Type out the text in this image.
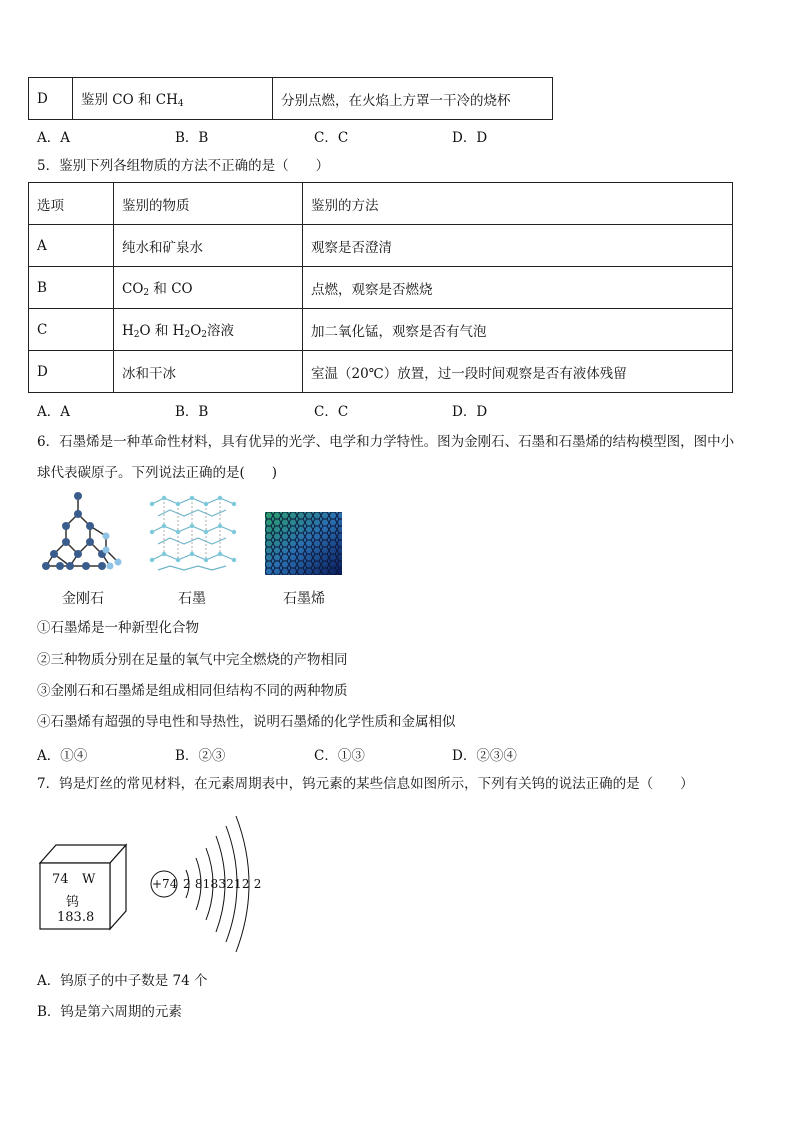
D	鉴别 CO 和 $CH_4$	分别点燃，在火焰上方罩一干冷的烧杯
A．A	B．B	C．C	D．D
5．鉴别下列各组物质的方法不正确的是（　　）
选项	鉴别的物质	鉴别的方法
A	纯水和矿泉水	观察是否澄清
B	$CO_2$ 和 CO	点燃，观察是否燃烧
C	$H_2O$ 和 $H_2O_2$溶液	加二氧化锰，观察是否有气泡
D	冰和干冰	室温（20℃）放置，过一段时间观察是否有液体残留
A．A	B．B	C．C	D．D
6．石墨烯是一种革命性材料，具有优异的光学、电学和力学特性。图为金刚石、石墨和石墨烯的结构模型图，图中小
球代表碳原子。下列说法正确的是(　　)
金刚石	石墨	石墨烯
①石墨烯是一种新型化合物
②三种物质分别在足量的氧气中完全燃烧的产物相同
③金刚石和石墨烯是组成相同但结构不同的两种物质
④石墨烯有超强的导电性和导热性，说明石墨烯的化学性质和金属相似
A．①④	B．②③	C．①③	D．②③④
7．钨是灯丝的常见材料，在元素周期表中，钨元素的某些信息如图所示，下列有关钨的说法正确的是（　　）
74 W
钨
183.8
+74 2 8183212 2
A．钨原子的中子数是 74 个
B．钨是第六周期的元素
